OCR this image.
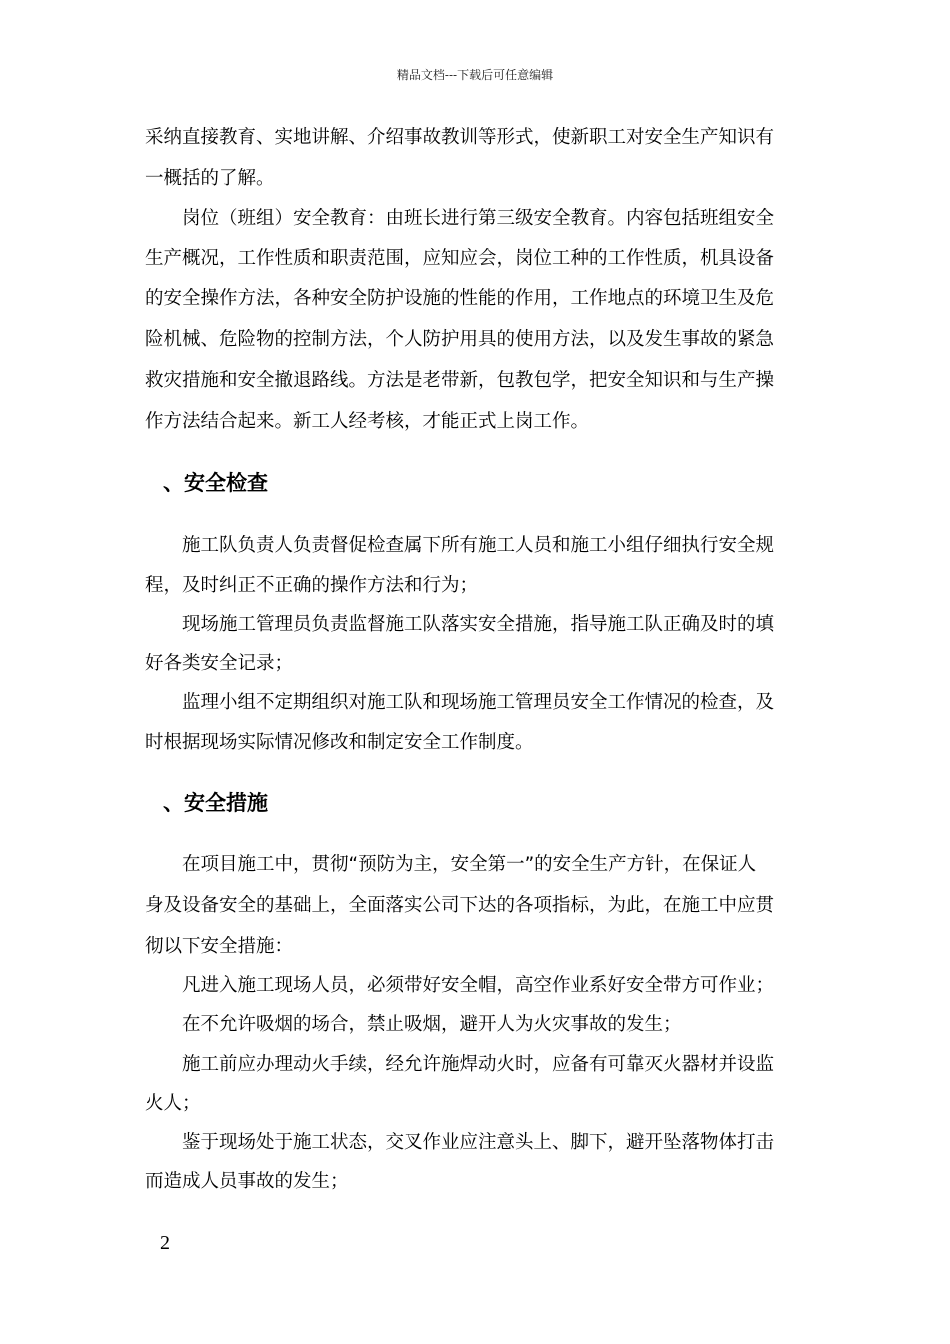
精品文档---下载后可任意编辑
采纳直接教育、实地讲解、介绍事故教训等形式，使新职工对安全生产知识有
一概括的了解。
　　岗位（班组）安全教育：由班长进行第三级安全教育。内容包括班组安全
生产概况，工作性质和职责范围，应知应会，岗位工种的工作性质，机具设备
的安全操作方法，各种安全防护设施的性能的作用，工作地点的环境卫生及危
险机械、危险物的控制方法，个人防护用具的使用方法，以及发生事故的紧急
救灾措施和安全撤退路线。方法是老带新，包教包学，把安全知识和与生产操
作方法结合起来。新工人经考核，才能正式上岗工作。
、安全检查
　　施工队负责人负责督促检查属下所有施工人员和施工小组仔细执行安全规
程，及时纠正不正确的操作方法和行为；
　　现场施工管理员负责监督施工队落实安全措施，指导施工队正确及时的填
好各类安全记录；
　　监理小组不定期组织对施工队和现场施工管理员安全工作情况的检查，及
时根据现场实际情况修改和制定安全工作制度。
、安全措施
　　在项目施工中，贯彻“预防为主，安全第一”的安全生产方针，在保证人
身及设备安全的基础上，全面落实公司下达的各项指标，为此，在施工中应贯
彻以下安全措施：
　　凡进入施工现场人员，必须带好安全帽，高空作业系好安全带方可作业；
　　在不允许吸烟的场合，禁止吸烟，避开人为火灾事故的发生；
　　施工前应办理动火手续，经允许施焊动火时，应备有可靠灭火器材并设监
火人；
　　鉴于现场处于施工状态，交叉作业应注意头上、脚下，避开坠落物体打击
而造成人员事故的发生；
2
